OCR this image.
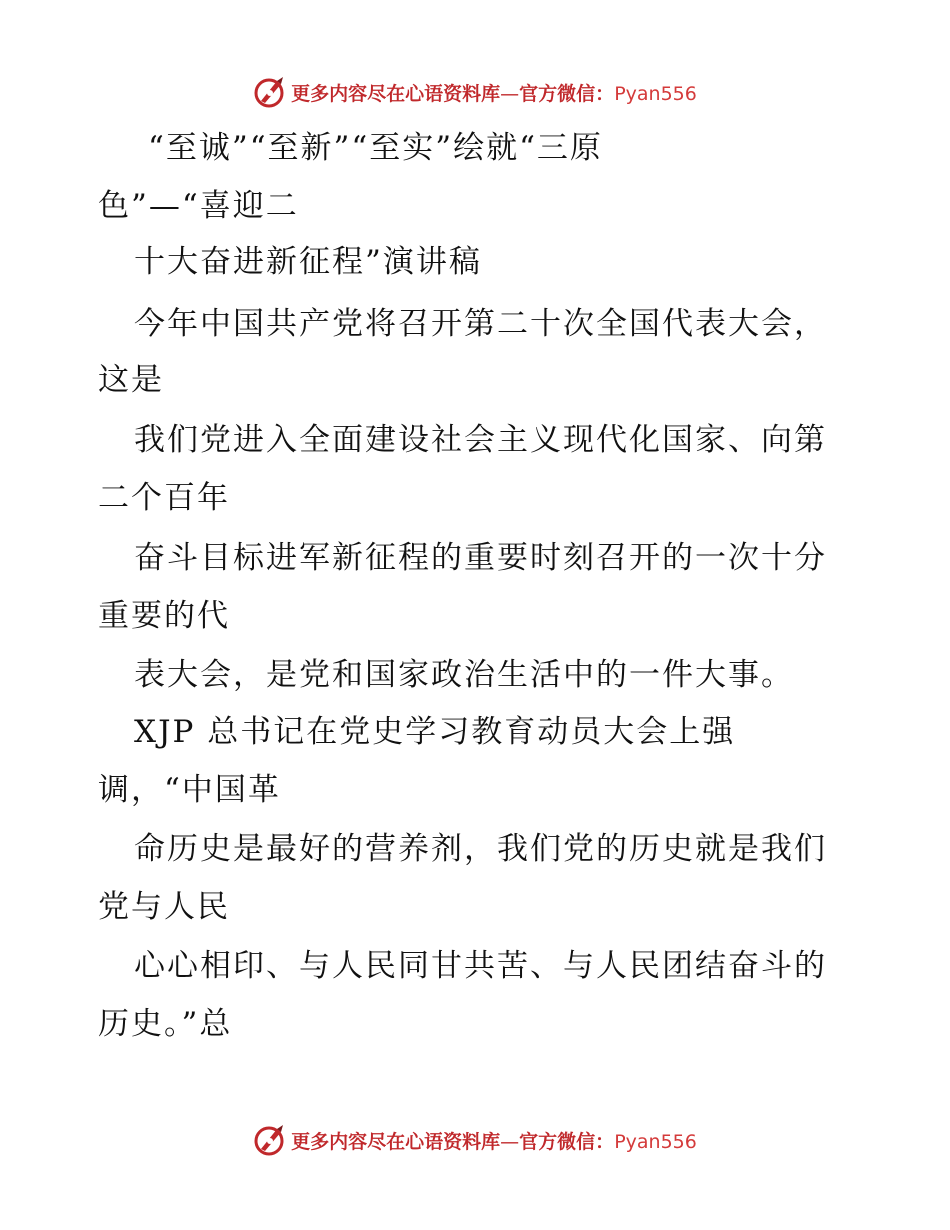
更多内容尽在心语资料库—官方微信：Pyan556
“至诚”“至新”“至实”绘就“三原
色”—“喜迎二
十大奋进新征程”演讲稿
今年中国共产党将召开第二十次全国代表大会，
这是
我们党进入全面建设社会主义现代化国家、向第
二个百年
奋斗目标进军新征程的重要时刻召开的一次十分
重要的代
表大会，是党和国家政治生活中的一件大事。
XJP 总书记在党史学习教育动员大会上强
调，“中国革
命历史是最好的营养剂，我们党的历史就是我们
党与人民
心心相印、与人民同甘共苦、与人民团结奋斗的
历史。”总
更多内容尽在心语资料库—官方微信：Pyan556
